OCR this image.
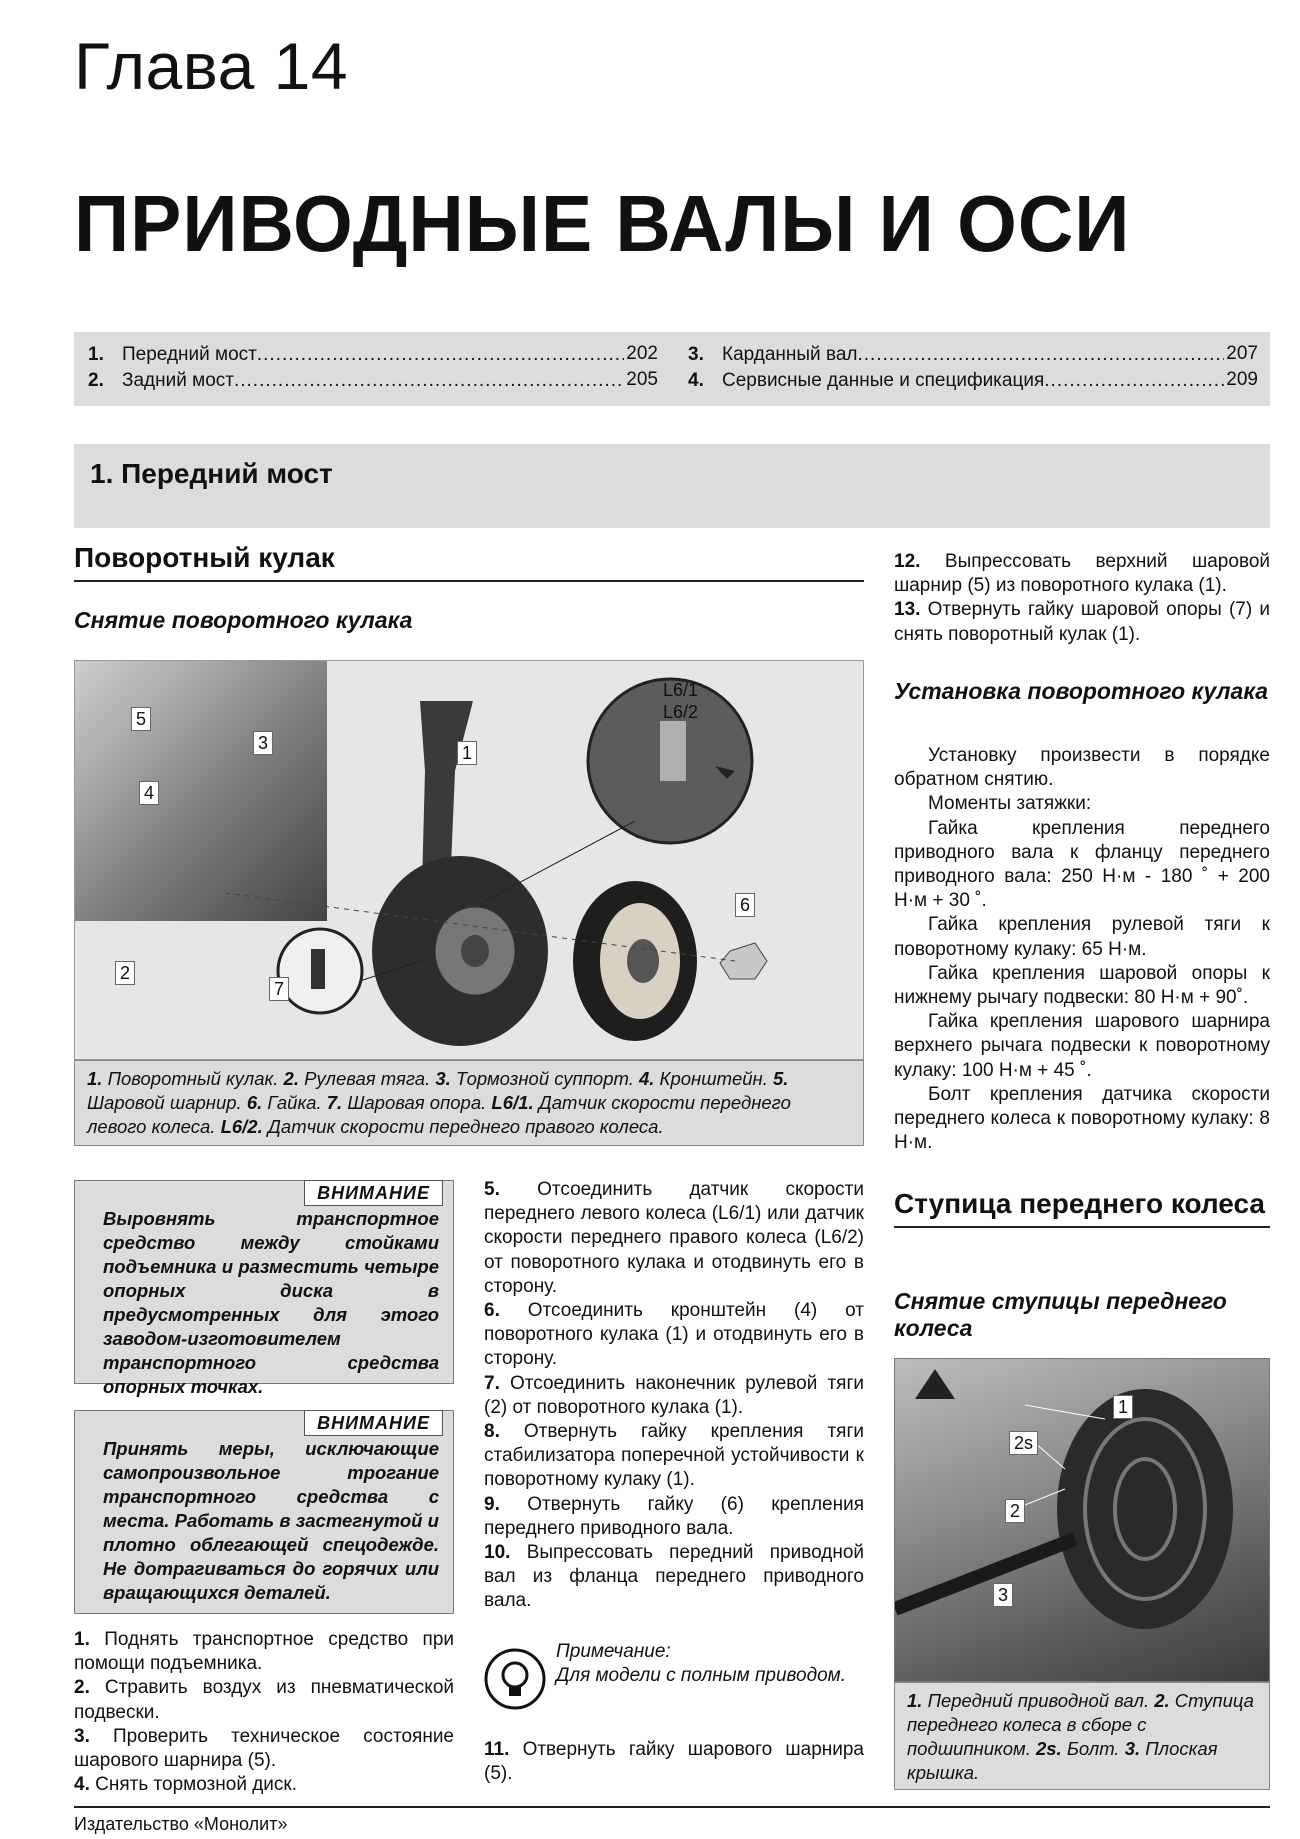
Глава 14
ПРИВОДНЫЕ ВАЛЫ И ОСИ
1. Передний мост .....	202
2. Задний мост .....	205
3. Карданный вал .....	207
4. Сервисные данные и спецификация .....	209
1. Передний мост
Поворотный кулак
Снятие поворотного кулака
5
3
4
2
1
6
7
L6/1
L6/2
1. Поворотный кулак. 2. Рулевая тяга. 3. Тормозной суппорт. 4. Кронштейн. 5. Шаровой шарнир. 6. Гайка. 7. Шаровая опора. L6/1. Датчик скорости переднего левого колеса. L6/2. Датчик скорости переднего правого колеса.
ВНИМАНИЕ
Выровнять транспортное средство между стойками подъемника и разместить четыре опорных диска в предусмотренных для этого заводом-изготовителем транспортного средства опорных точках.
ВНИМАНИЕ
Принять меры, исключающие самопроизвольное трогание транспортного средства с места. Работать в застегнутой и плотно облегающей спецодежде. Не дотрагиваться до горячих или вращающихся деталей.
1. Поднять транспортное средство при помощи подъемника.
2. Стравить воздух из пневматической подвески.
3. Проверить техническое состояние шарового шарнира (5).
4. Снять тормозной диск.
5. Отсоединить датчик скорости переднего левого колеса (L6/1) или датчик скорости переднего правого колеса (L6/2) от поворотного кулака и отодвинуть его в сторону.
6. Отсоединить кронштейн (4) от поворотного кулака (1) и отодвинуть его в сторону.
7. Отсоединить наконечник рулевой тяги (2) от поворотного кулака (1).
8. Отвернуть гайку крепления тяги стабилизатора поперечной устойчивости к поворотному кулаку (1).
9. Отвернуть гайку (6) крепления переднего приводного вала.
10. Выпрессовать передний приводной вал из фланца переднего приводного вала.
Примечание:
Для модели с полным приводом.
11. Отвернуть гайку шарового шарнира (5).
12. Выпрессовать верхний шаровой шарнир (5) из поворотного кулака (1).
13. Отвернуть гайку шаровой опоры (7) и снять поворотный кулак (1).
Установка поворотного кулака
Установку произвести в порядке обратном снятию.
Моменты затяжки:
Гайка крепления переднего приводного вала к фланцу переднего приводного вала: 250 Н·м - 180 ˚ + 200 Н·м + 30 ˚.
Гайка крепления рулевой тяги к поворотному кулаку: 65 Н·м.
Гайка крепления шаровой опоры к нижнему рычагу подвески: 80 Н·м + 90˚.
Гайка крепления шарового шарнира верхнего рычага подвески к поворотному кулаку: 100 Н·м + 45 ˚.
Болт крепления датчика скорости переднего колеса к поворотному кулаку: 8 Н·м.
Ступица переднего колеса
Снятие ступицы переднего колеса
1
2s
2
3
1. Передний приводной вал. 2. Ступица переднего колеса в сборе с подшипником. 2s. Болт. 3. Плоская крышка.
Издательство «Монолит»
